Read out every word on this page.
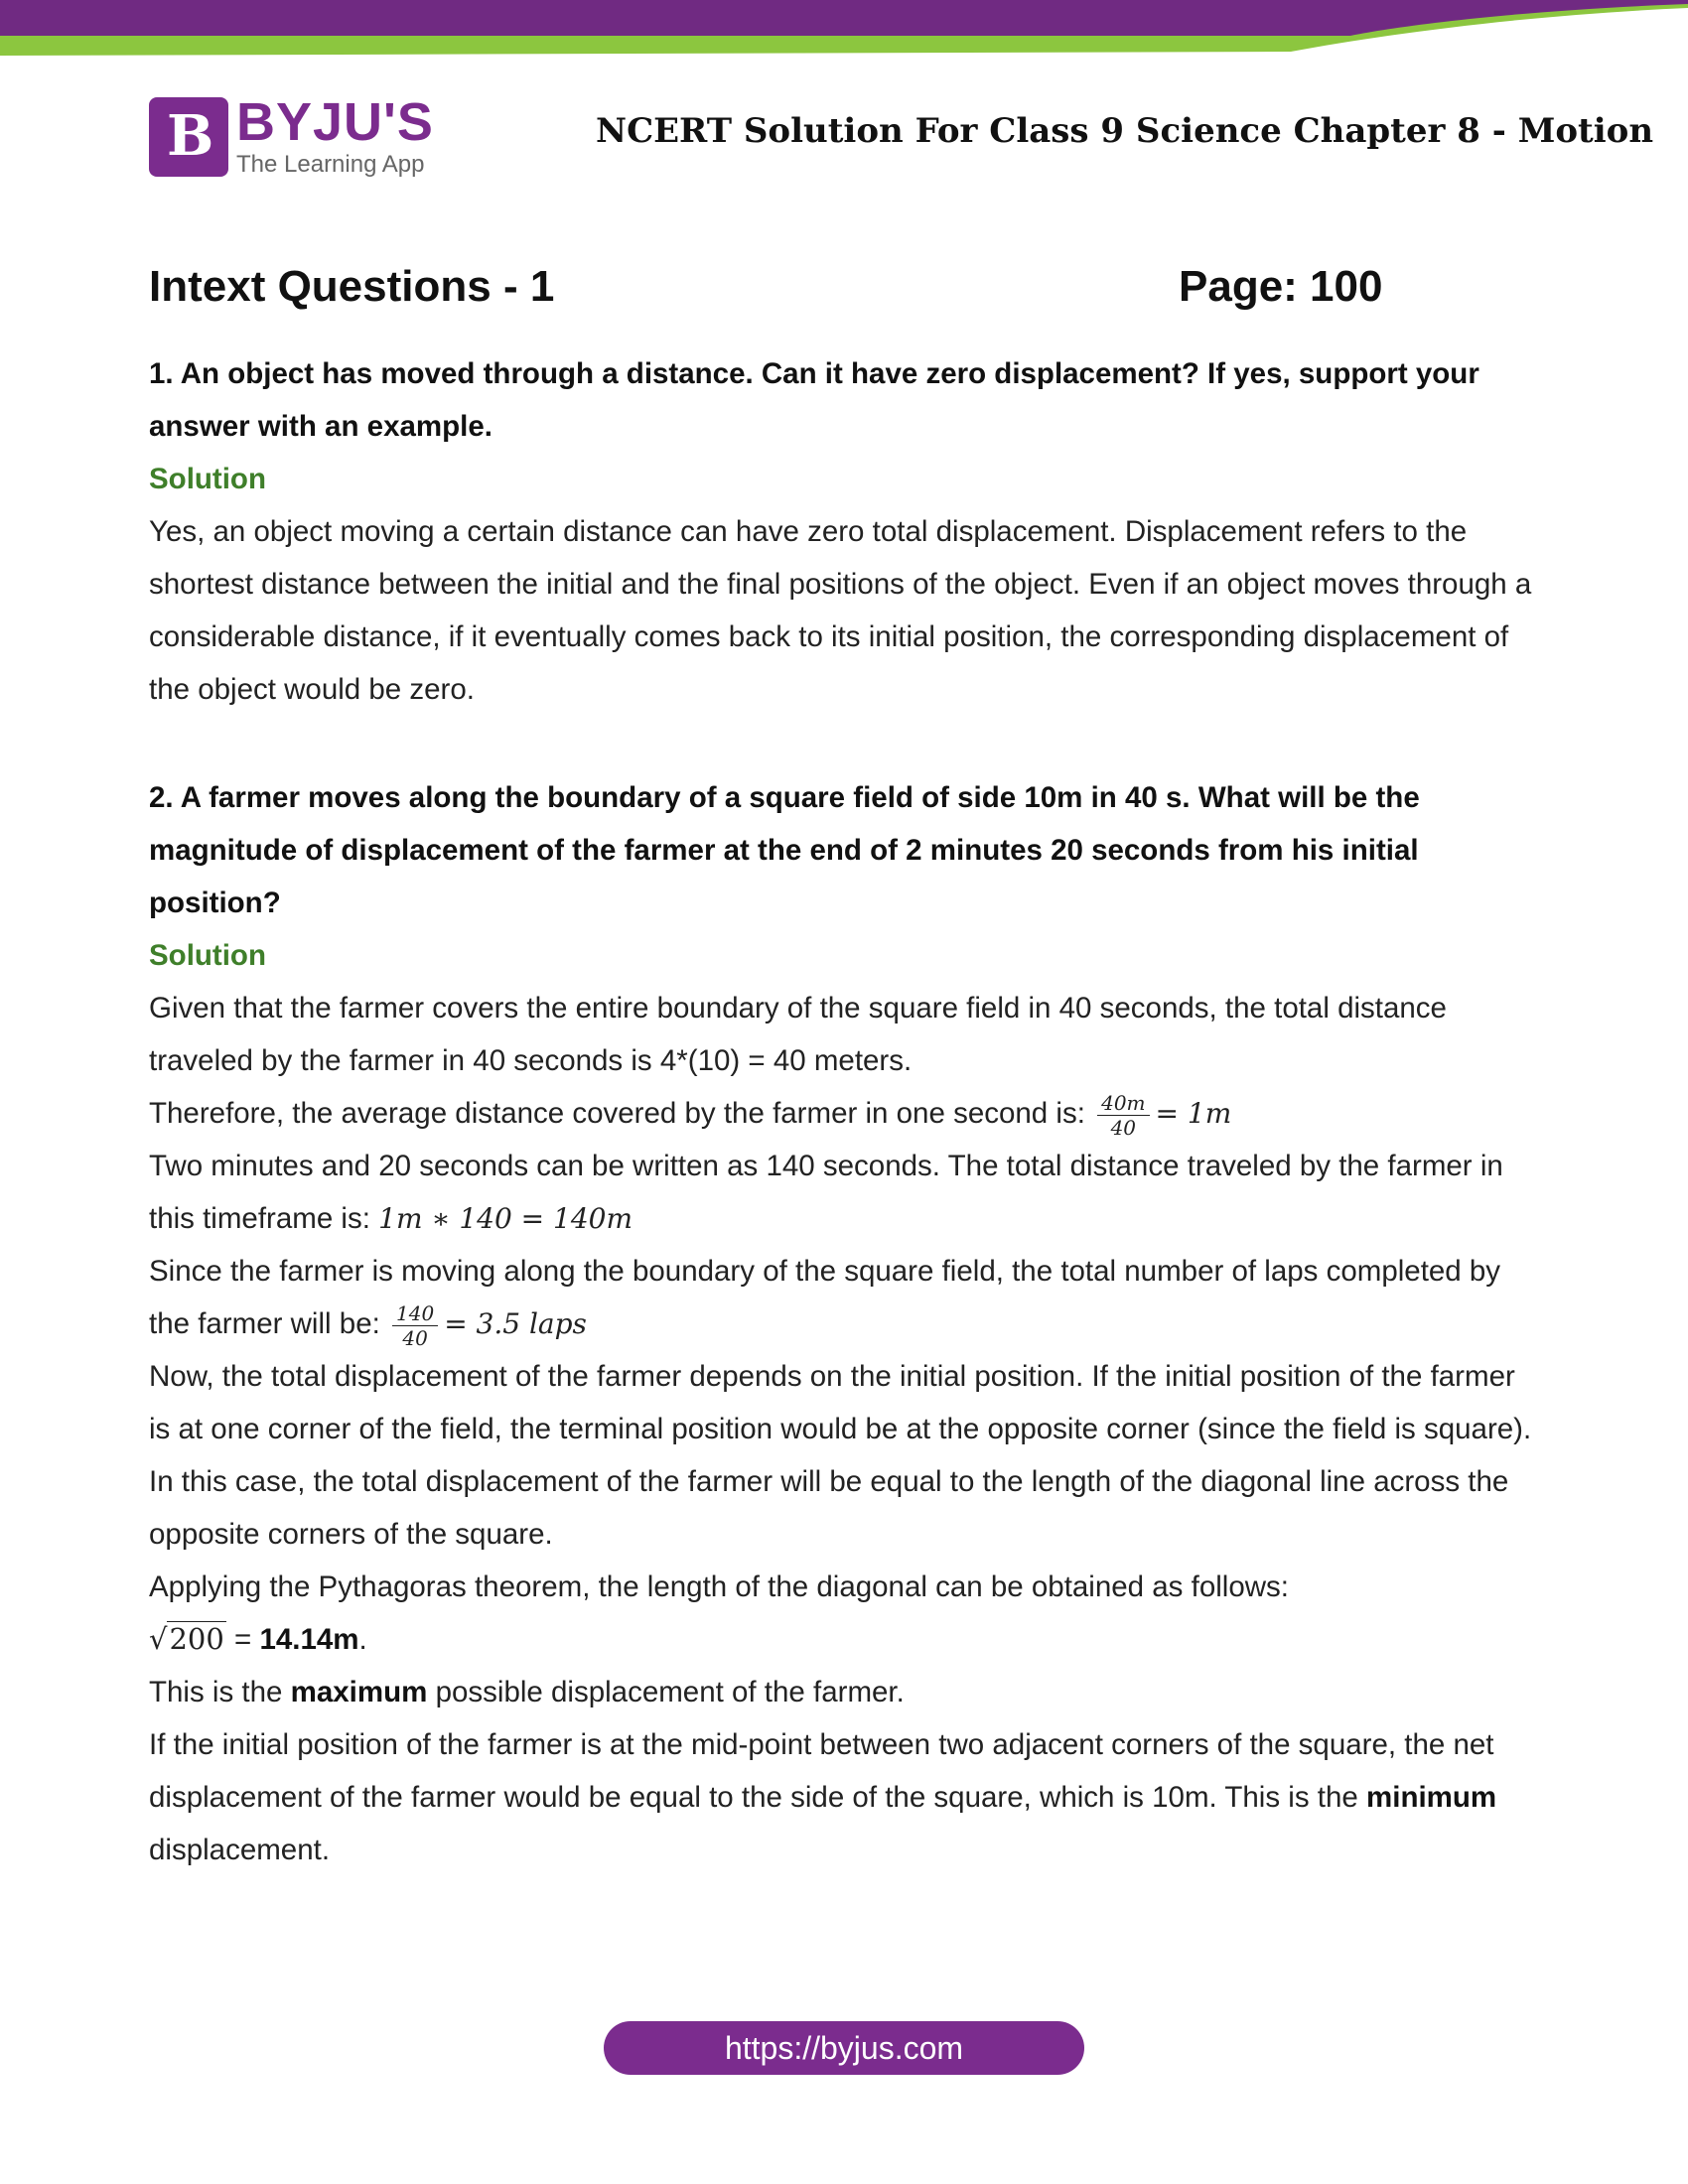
B BYJU'S
The Learning App
NCERT Solution For Class 9 Science Chapter 8 - Motion
Intext Questions - 1	Page: 100

1. An object has moved through a distance. Can it have zero displacement? If yes, support your answer with an example.

Solution

Yes, an object moving a certain distance can have zero total displacement. Displacement refers to the shortest distance between the initial and the final positions of the object. Even if an object moves through a considerable distance, if it eventually comes back to its initial position, the corresponding displacement of the object would be zero.

2. A farmer moves along the boundary of a square field of side 10m in 40 s. What will be the magnitude of displacement of the farmer at the end of 2 minutes 20 seconds from his initial position?

Solution

Given that the farmer covers the entire boundary of the square field in 40 seconds, the total distance traveled by the farmer in 40 seconds is 4*(10) = 40 meters.

Therefore, the average distance covered by the farmer in one second is: $\frac{40m}{40} = 1m$

Two minutes and 20 seconds can be written as 140 seconds. The total distance traveled by the farmer in this timeframe is: 1m ∗ 140 = 140m

Since the farmer is moving along the boundary of the square field, the total number of laps completed by the farmer will be: $\frac{140}{40} = 3.5$ laps

Now, the total displacement of the farmer depends on the initial position. If the initial position of the farmer is at one corner of the field, the terminal position would be at the opposite corner (since the field is square).

In this case, the total displacement of the farmer will be equal to the length of the diagonal line across the opposite corners of the square.

Applying the Pythagoras theorem, the length of the diagonal can be obtained as follows:

√200 = 14.14m.

This is the maximum possible displacement of the farmer.

If the initial position of the farmer is at the mid-point between two adjacent corners of the square, the net displacement of the farmer would be equal to the side of the square, which is 10m. This is the minimum displacement.

https://byjus.com
